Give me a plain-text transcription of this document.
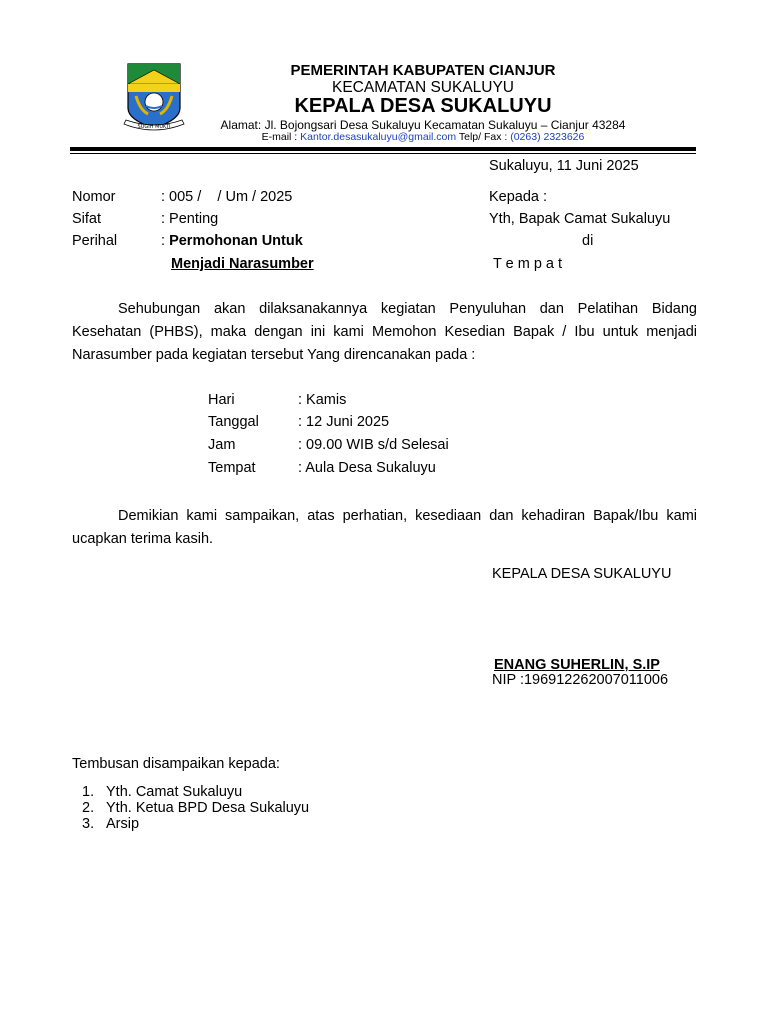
SUGIH MUKTI
PEMERINTAH KABUPATEN CIANJUR
KECAMATAN SUKALUYU
KEPALA DESA SUKALUYU
Alamat: Jl. Bojongsari Desa Sukaluyu Kecamatan Sukaluyu – Cianjur 43284
E-mail : Kantor.desasukaluyu@gmail.com Telp/ Fax : (0263) 2323626
Sukaluyu, 11 Juni 2025
Nomor	: 005 /    / Um / 2025
Sifat	: Penting
Perihal	: Permohonan Untuk
Menjadi Narasumber
Kepada :
Yth, Bapak Camat Sukaluyu
di
T e m p a t
Sehubungan akan dilaksanakannya kegiatan Penyuluhan dan Pelatihan Bidang Kesehatan (PHBS), maka dengan ini kami Memohon Kesedian Bapak / Ibu untuk menjadi Narasumber pada kegiatan tersebut Yang direncanakan pada :
Hari	: Kamis
Tanggal	: 12 Juni 2025
Jam	: 09.00 WIB s/d Selesai
Tempat	: Aula Desa Sukaluyu
Demikian kami sampaikan, atas perhatian, kesediaan dan kehadiran Bapak/Ibu kami ucapkan terima kasih.
KEPALA DESA SUKALUYU
ENANG SUHERLIN, S.IP
NIP :196912262007011006
Tembusan disampaikan kepada:
1. Yth. Camat Sukaluyu
2. Yth. Ketua BPD Desa Sukaluyu
3. Arsip
